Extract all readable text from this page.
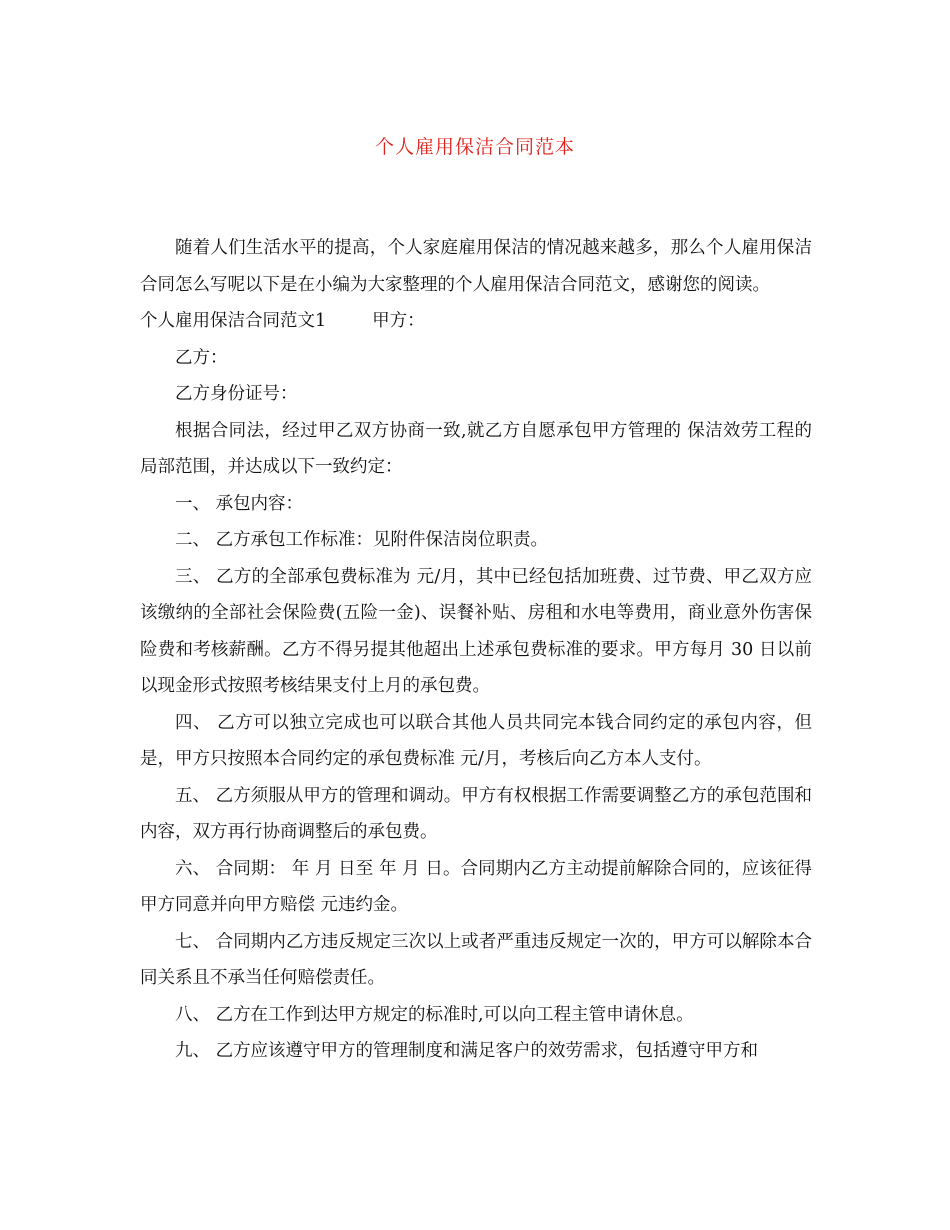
个人雇用保洁合同范本

随着人们生活水平的提高，个人家庭雇用保洁的情况越来越多，那么个人雇用保洁合同怎么写呢以下是在小编为大家整理的个人雇用保洁合同范文，感谢您的阅读。

个人雇用保洁合同范文1	甲方：

乙方：

乙方身份证号：

根据合同法，经过甲乙双方协商一致,就乙方自愿承包甲方管理的 保洁效劳工程的局部范围，并达成以下一致约定：

一、 承包内容：

二、 乙方承包工作标准：见附件保洁岗位职责。

三、 乙方的全部承包费标准为 元/月，其中已经包括加班费、过节费、甲乙双方应该缴纳的全部社会保险费(五险一金)、误餐补贴、房租和水电等费用，商业意外伤害保险费和考核薪酬。乙方不得另提其他超出上述承包费标准的要求。甲方每月 30 日以前以现金形式按照考核结果支付上月的承包费。

四、 乙方可以独立完成也可以联合其他人员共同完本钱合同约定的承包内容，但是，甲方只按照本合同约定的承包费标准 元/月，考核后向乙方本人支付。

五、 乙方须服从甲方的管理和调动。甲方有权根据工作需要调整乙方的承包范围和内容，双方再行协商调整后的承包费。

六、 合同期： 年 月 日至 年 月 日。合同期内乙方主动提前解除合同的，应该征得甲方同意并向甲方赔偿 元违约金。

七、 合同期内乙方违反规定三次以上或者严重违反规定一次的，甲方可以解除本合同关系且不承当任何赔偿责任。

八、 乙方在工作到达甲方规定的标准时,可以向工程主管申请休息。

九、 乙方应该遵守甲方的管理制度和满足客户的效劳需求，包括遵守甲方和
